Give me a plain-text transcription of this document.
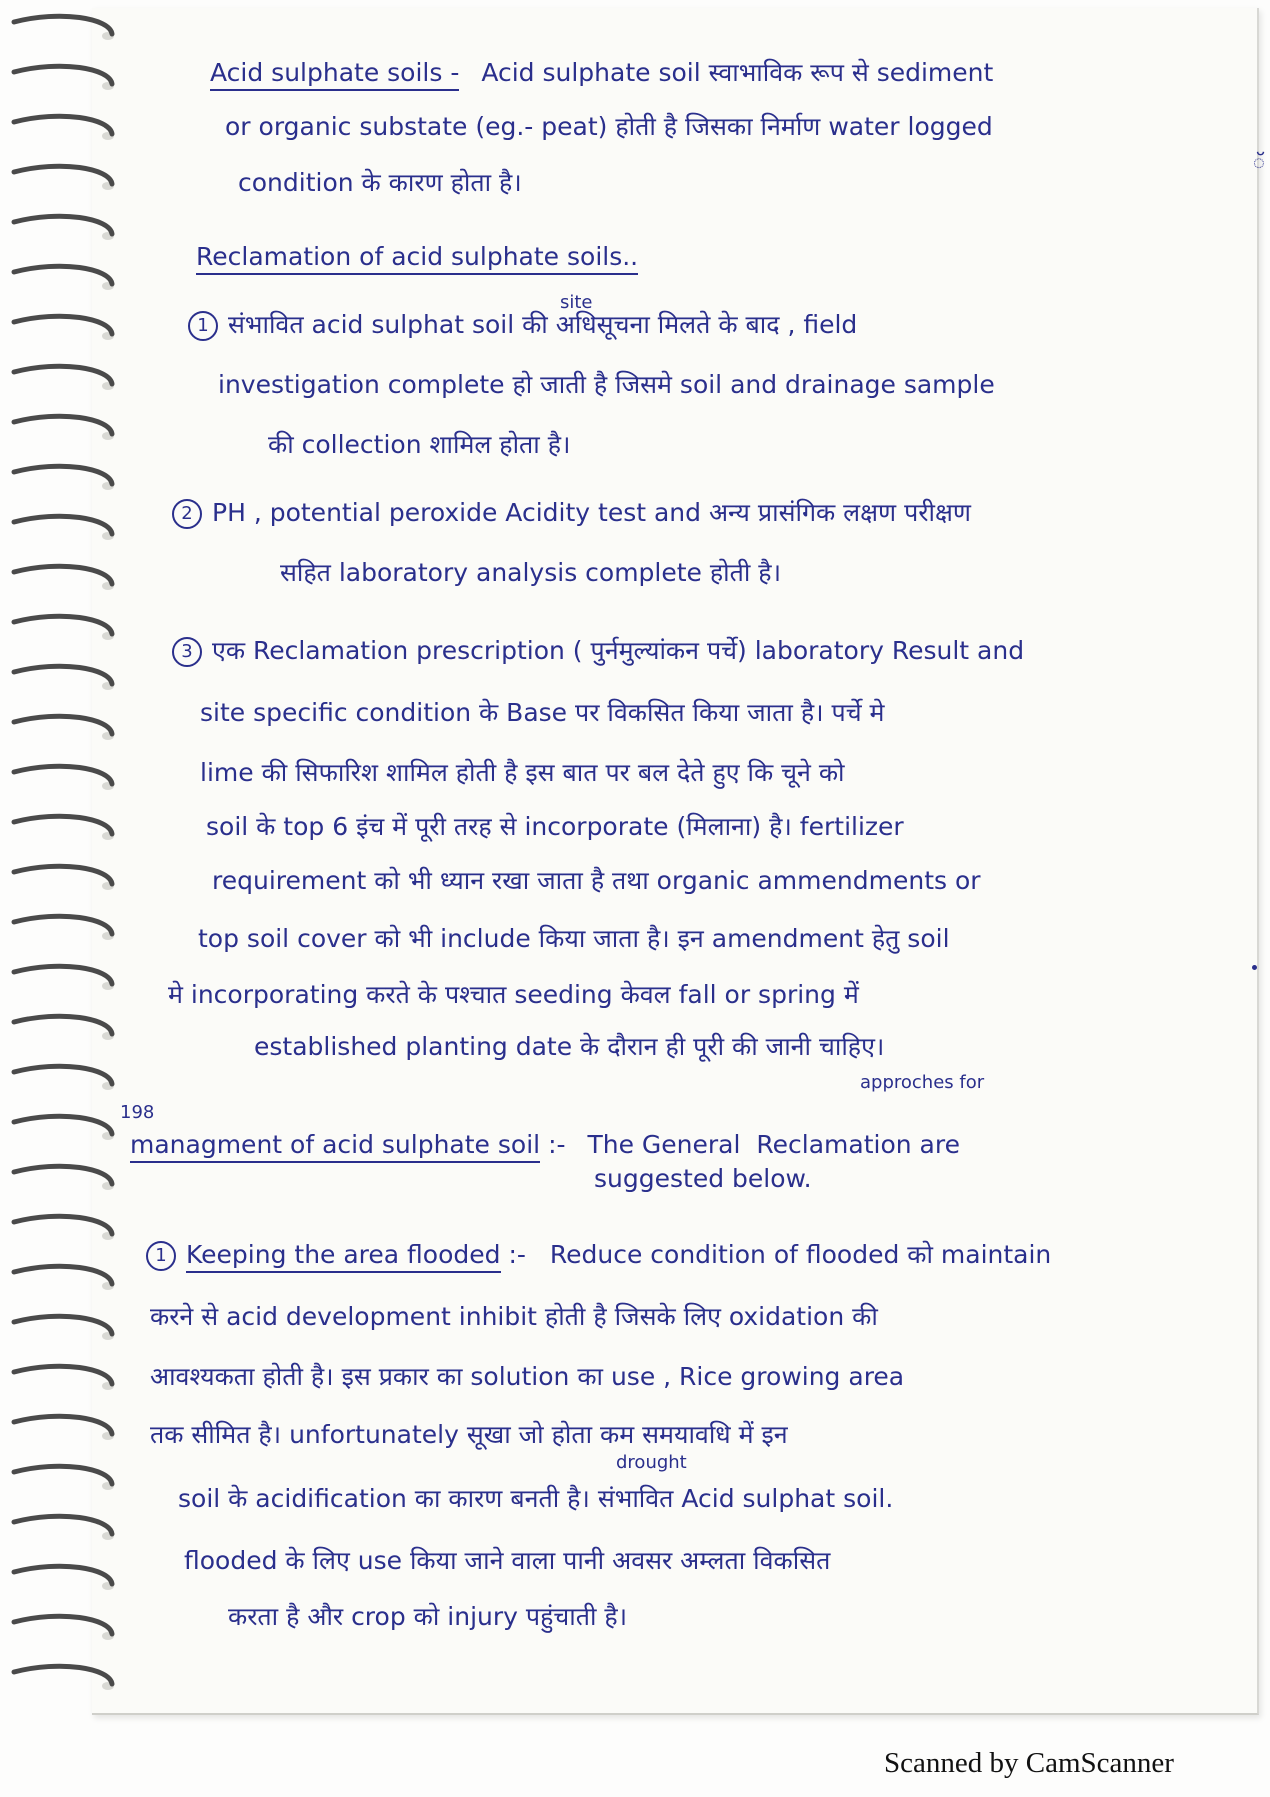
Acid sulphate soils - Acid sulphate soil स्वाभाविक रूप से sediment
or organic substate (eg.- peat) होती है जिसका निर्माण water logged
condition के कारण होता है।
Reclamation of acid sulphate soils..
site
1 संभावित acid sulphat soil की अधिसूचना मिलते के बाद , field
investigation complete हो जाती है जिसमे soil and drainage sample
की collection शामिल होता है।
2 PH , potential peroxide Acidity test and अन्य प्रासंगिक लक्षण परीक्षण
सहित laboratory analysis complete होती है।
3 एक Reclamation prescription ( पुर्नमुल्यांकन पर्चे) laboratory Result and
site specific condition के Base पर विकसित किया जाता है। पर्चे मे
lime की सिफारिश शामिल होती है इस बात पर बल देते हुए कि चूने को
soil के top 6 इंच में पूरी तरह से incorporate (मिलाना) है। fertilizer
requirement को भी ध्यान रखा जाता है तथा organic ammendments or
top soil cover को भी include किया जाता है। इन amendment हेतु soil
मे incorporating करते के पश्चात seeding केवल fall or spring में
established planting date के दौरान ही पूरी की जानी चाहिए।
approches for
198
managment of acid sulphate soil :- The General Reclamation are
suggested below.
1 Keeping the area flooded :- Reduce condition of flooded को maintain
करने से acid development inhibit होती है जिसके लिए oxidation की
आवश्यकता होती है। इस प्रकार का solution का use , Rice growing area
तक सीमित है। unfortunately सूखा जो होता कम समयावधि में इन
drought
soil के acidification का कारण बनती है। संभावित Acid sulphat soil.
flooded के लिए use किया जाने वाला पानी अवसर अम्लता विकसित
करता है और crop को injury पहुंचाती है।
ॅ
Scanned by CamScanner
